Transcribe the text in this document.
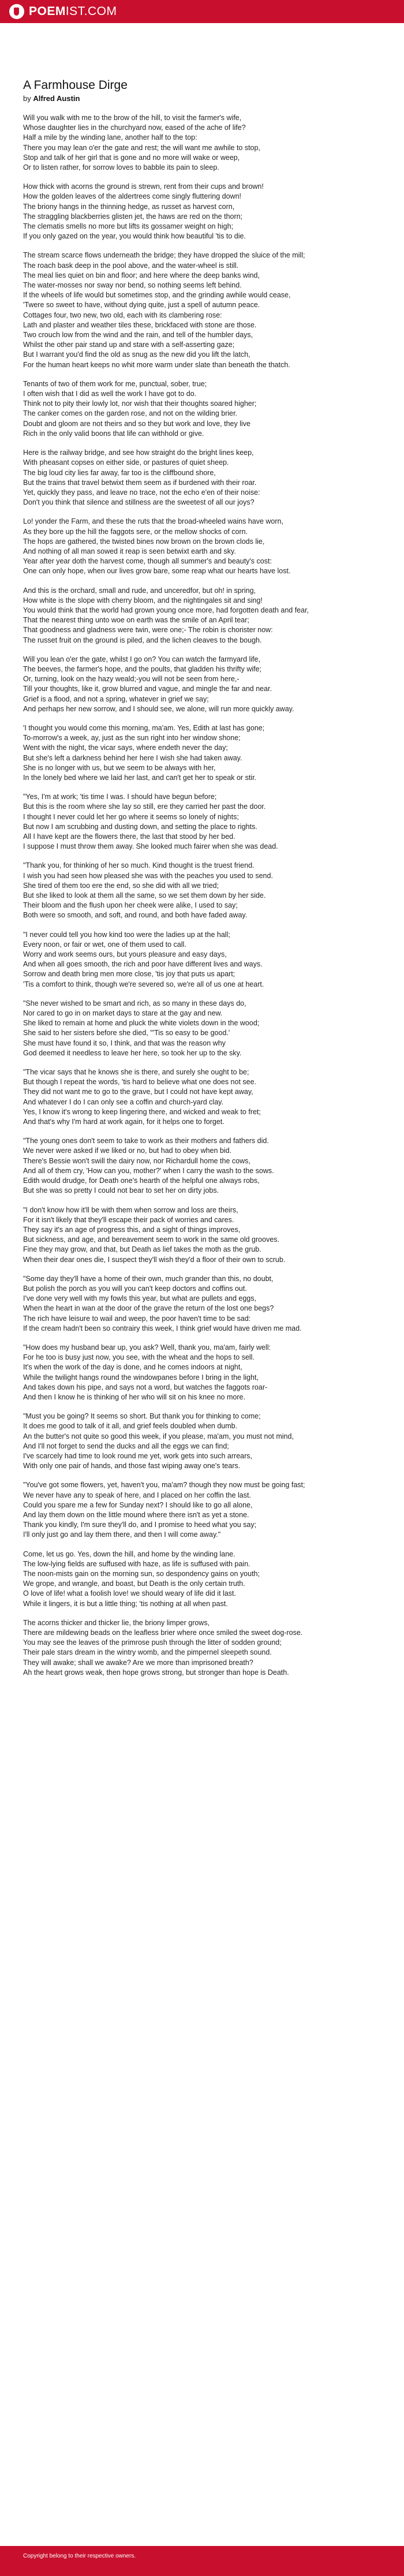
POEMIST.COM
A Farmhouse Dirge

by Alfred Austin

Will you walk with me to the brow of the hill, to visit the farmer's wife,
Whose daughter lies in the churchyard now, eased of the ache of life?
Half a mile by the winding lane, another half to the top:
There you may lean o'er the gate and rest; the will want me awhile to stop,
Stop and talk of her girl that is gone and no more will wake or weep,
Or to listen rather, for sorrow loves to babble its pain to sleep.

How thick with acorns the ground is strewn, rent from their cups and brown!
How the golden leaves of the aldertrees come singly fluttering down!
The briony hangs in the thinning hedge, as russet as harvest corn,
The straggling blackberries glisten jet, the haws are red on the thorn;
The clematis smells no more but lifts its gossamer weight on high;
If you only gazed on the year, you would think how beautiful 'tis to die.

The stream scarce flows underneath the bridge; they have dropped the sluice of the mill;
The roach bask deep in the pool above, and the water-wheel is still.
The meal lies quiet on bin and floor; and here where the deep banks wind,
The water-mosses nor sway nor bend, so nothing seems left behind.
If the wheels of life would but sometimes stop, and the grinding awhile would cease,
'Twere so sweet to have, without dying quite, just a spell of autumn peace.
Cottages four, two new, two old, each with its clambering rose:
Lath and plaster and weather tiles these, brickfaced with stone are those.
Two crouch low from the wind and the rain, and tell of the humbler days,
Whilst the other pair stand up and stare with a self-asserting gaze;
But I warrant you'd find the old as snug as the new did you lift the latch,
For the human heart keeps no whit more warm under slate than beneath the thatch.

Tenants of two of them work for me, punctual, sober, true;
I often wish that I did as well the work I have got to do.
Think not to pity their lowly lot, nor wish that their thoughts soared higher;
The canker comes on the garden rose, and not on the wilding brier.
Doubt and gloom are not theirs and so they but work and love, they live
Rich in the only valid boons that life can withhold or give.

Here is the railway bridge, and see how straight do the bright lines keep,
With pheasant copses on either side, or pastures of quiet sheep.
The big loud city lies far away, far too is the cliffbound shore,
But the trains that travel betwixt them seem as if burdened with their roar.
Yet, quickly they pass, and leave no trace, not the echo e'en of their noise:
Don't you think that silence and stillness are the sweetest of all our joys?

Lo! yonder the Farm, and these the ruts that the broad-wheeled wains have worn,
As they bore up the hill the faggots sere, or the mellow shocks of corn.
The hops are gathered, the twisted bines now brown on the brown clods lie,
And nothing of all man sowed it reap is seen betwixt earth and sky.
Year after year doth the harvest come, though all summer's and beauty's cost:
One can only hope, when our lives grow bare, some reap what our hearts have lost.

And this is the orchard, small and rude, and unceredfor, but oh! in spring,
How white is the slope with cherry bloom, and the nightingales sit and sing!
You would think that the world had grown young once more, had forgotten death and fear,
That the nearest thing unto woe on earth was the smile of an April tear;
That goodness and gladness were twin, were one;- The robin is chorister now:
The russet fruit on the ground is piled, and the lichen cleaves to the bough.

Will you lean o'er the gate, whilst I go on? You can watch the farmyard life,
The beeves, the farmer's hope, and the poults, that gladden his thrifty wife;
Or, turning, look on the hazy weald;-you will not be seen from here,-
Till your thoughts, like it, grow blurred and vague, and mingle the far and near.
Grief is a flood, and not a spring, whatever in grief we say;
And perhaps her new sorrow, and I should see, we alone, will run more quickly away.

'I thought you would come this morning, ma'am. Yes, Edith at last has gone;
To-morrow's a week, ay, just as the sun right into her window shone;
Went with the night, the vicar says, where endeth never the day;
But she's left a darkness behind her here I wish she had taken away.
She is no longer with us, but we seem to be always with her,
In the lonely bed where we laid her last, and can't get her to speak or stir.

"Yes, I'm at work; 'tis time I was. I should have begun before;
But this is the room where she lay so still, ere they carried her past the door.
I thought I never could let her go where it seems so lonely of nights;
But now I am scrubbing and dusting down, and setting the place to rights.
All I have kept are the flowers there, the last that stood by her bed.
I suppose I must throw them away. She looked much fairer when she was dead.

"Thank you, for thinking of her so much. Kind thought is the truest friend.
I wish you had seen how pleased she was with the peaches you used to send.
She tired of them too ere the end, so she did with all we tried;
But she liked to look at them all the same, so we set them down by her side.
Their bloom and the flush upon her cheek were alike, I used to say;
Both were so smooth, and soft, and round, and both have faded away.

"I never could tell you how kind too were the ladies up at the hall;
Every noon, or fair or wet, one of them used to call.
Worry and work seems ours, but yours pleasure and easy days,
And when all goes smooth, the rich and poor have different lives and ways.
Sorrow and death bring men more close, 'tis joy that puts us apart;
'Tis a comfort to think, though we're severed so, we're all of us one at heart.

"She never wished to be smart and rich, as so many in these days do,
Nor cared to go in on market days to stare at the gay and new.
She liked to remain at home and pluck the white violets down in the wood;
She said to her sisters before she died, "'Tis so easy to be good.'
She must have found it so, I think, and that was the reason why
God deemed it needless to leave her here, so took her up to the sky.

"The vicar says that he knows she is there, and surely she ought to be;
But though I repeat the words, 'tis hard to believe what one does not see.
They did not want me to go to the grave, but I could not have kept away,
And whatever I do I can only see a coffin and church-yard clay.
Yes, I know it's wrong to keep lingering there, and wicked and weak to fret;
And that's why I'm hard at work again, for it helps one to forget.

"The young ones don't seem to take to work as their mothers and fathers did.
We never were asked if we liked or no, but had to obey when bid.
There's Bessie won't swill the dairy now, nor Richardull home the cows,
And all of them cry, 'How can you, mother?' when I carry the wash to the sows.
Edith would drudge, for Death one's hearth of the helpful one always robs,
But she was so pretty I could not bear to set her on dirty jobs.

"I don't know how it'll be with them when sorrow and loss are theirs,
For it isn't likely that they'll escape their pack of worries and cares.
They say it's an age of progress this, and a sight of things improves,
But sickness, and age, and bereavement seem to work in the same old grooves.
Fine they may grow, and that, but Death as lief takes the moth as the grub.
When their dear ones die, I suspect they'll wish they'd a floor of their own to scrub.

"Some day they'll have a home of their own, much grander than this, no doubt,
But polish the porch as you will you can't keep doctors and coffins out.
I've done very well with my fowls this year, but what are pullets and eggs,
When the heart in wan at the door of the grave the return of the lost one begs?
The rich have leisure to wail and weep, the poor haven't time to be sad:
If the cream hadn't been so contrairy this week, I think grief would have driven me mad.

"How does my husband bear up, you ask? Well, thank you, ma'am, fairly well:
For he too is busy just now, you see, with the wheat and the hops to sell.
It's when the work of the day is done, and he comes indoors at night,
While the twilight hangs round the windowpanes before I bring in the light,
And takes down his pipe, and says not a word, but watches the faggots roar-
And then I know he is thinking of her who will sit on his knee no more.

"Must you be going? It seems so short. But thank you for thinking to come;
It does me good to talk of it all, and grief feels doubled when dumb.
An the butter's not quite so good this week, if you please, ma'am, you must not mind,
And I'll not forget to send the ducks and all the eggs we can find;
I've scarcely had time to look round me yet, work gets into such arrears,
With only one pair of hands, and those fast wiping away one's tears.

"You've got some flowers, yet, haven't you, ma'am? though they now must be going fast;
We never have any to speak of here, and I placed on her coffin the last.
Could you spare me a few for Sunday next? I should like to go all alone,
And lay them down on the little mound where there isn't as yet a stone.
Thank you kindly, I'm sure they'll do, and I promise to heed what you say;
I'll only just go and lay them there, and then I will come away."

Come, let us go. Yes, down the hill, and home by the winding lane.
The low-lying fields are suffused with haze, as life is suffused with pain.
The noon-mists gain on the morning sun, so despondency gains on youth;
We grope, and wrangle, and boast, but Death is the only certain truth.
O love of life! what a foolish love! we should weary of life did it last.
While it lingers, it is but a little thing; 'tis nothing at all when past.

The acorns thicker and thicker lie, the briony limper grows,
There are mildewing beads on the leafless brier where once smiled the sweet dog-rose.
You may see the leaves of the primrose push through the litter of sodden ground;
Their pale stars dream in the wintry womb, and the pimpernel sleepeth sound.
They will awake; shall we awake? Are we more than imprisoned breath?
Ah the heart grows weak, then hope grows strong, but stronger than hope is Death.

Copyright belong to their respective owners.
